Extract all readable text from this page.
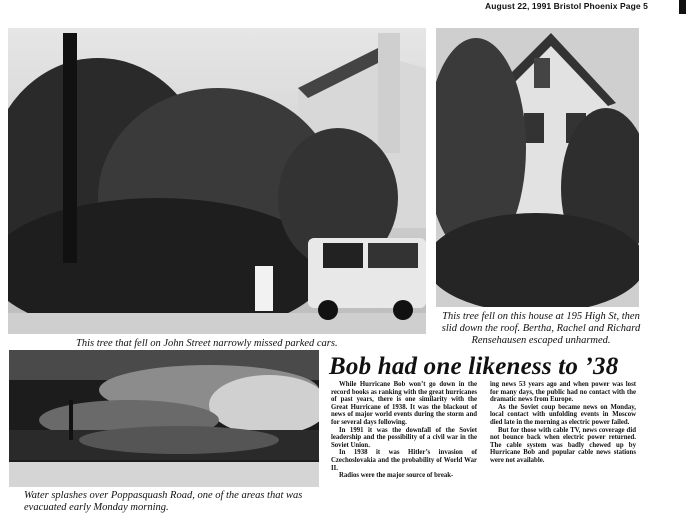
August 22, 1991 Bristol Phoenix Page 5
This tree that fell on John Street narrowly missed parked cars.
This tree fell on this house at 195 High St, then slid down the roof. Bertha, Rachel and Richard Rensehausen escaped unharmed.
Water splashes over Poppasquash Road, one of the areas that was evacuated early Monday morning.
Bob had one likeness to ’38

While Hurricane Bob won’t go down in the record books as ranking with the great hurricanes of past years, there is one similarity with the Great Hurricane of 1938. It was the blackout of news of major world events during the storm and for several days following.

In 1991 it was the downfall of the Soviet leadership and the possibility of a civil war in the Soviet Union.

In 1938 it was Hitler’s invasion of Czechoslovakia and the probability of World War II.

Radios were the major source of break-

ing news 53 years ago and when power was lost for many days, the public had no contact with the dramatic news from Europe.

As the Soviet coup became news on Monday, local contact with unfolding events in Moscow died late in the morning as electric power failed.

But for those with cable TV, news coverage did not bounce back when electric power returned. The cable system was badly chewed up by Hurricane Bob and popular cable news stations were not available.
